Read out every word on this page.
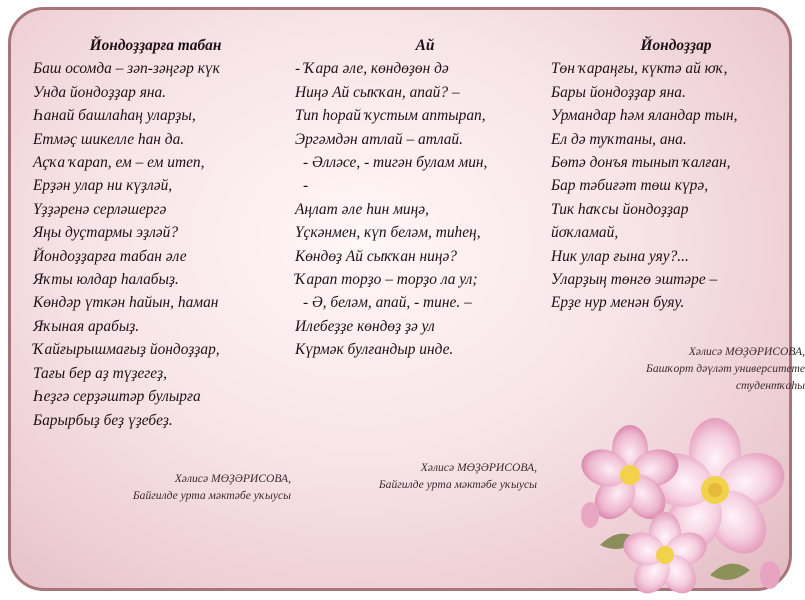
Йондоҙҙарға табан
Баш осомда – зәп-зәңгәр күк
Унда йондоҙҙар яна.
Һанай башлаһаң уларҙы,
Етмәҫ шикелле һан да.
Аҫҡа ҡарап, ем – ем итеп,
Ерҙән улар ни күҙләй,
Үҙҙәренә серләшергә
Яңы дуҫтармы эҙләй?
Йондоҙҙарға табан әле
Яҡты юлдар һалабыҙ.
Көндәр үткән һайын, һаман
Яҡыная арабыҙ.
Ҡайғырышмағыҙ йондоҙҙар,
Тағы бер аҙ түҙегеҙ,
Һеҙгә серҙәштәр булырға
Барырбыҙ беҙ үҙебеҙ.
Ай
- Ҡара әле, көндөҙөн дә
Ниңә Ай сыҡҡан, апай? –
Тип һорай ҡустым аптырап,
Эргәмдән атлай – атлай.
- Әлләсе, - тигән булам мин,
-
Аңлат әле һин миңә,
Үҫкәнмен, күп беләм, тиһең,
Көндөҙ Ай сыҡҡан ниңә?
Ҡарап торҙо – торҙо ла ул;
- Ә, беләм, апай, - тине. –
Илебеҙҙе көндөҙ ҙә ул
Күрмәк булғандыр инде.
Йондоҙҙар
Төн ҡараңғы, күктә ай юҡ,
Бары йондоҙҙар яна.
Урмандар һәм яландар тын,
Ел дә туҡтаны, ана.
Бөтә донъя тынып ҡалған,
Бар тәбиғәт төш күрә,
Тик һаҡсы йондоҙҙар
йоҡламай,
Ник улар ғына уяу?...
Уларҙың төнгө эштәре –
Ерҙе нур менән буяу.
Хәлисә МӨҘӘРИСОВА,
Байгилде урта мәктәбе уҡыусы
Хәлисә МӨҘӘРИСОВА,
Байгилде урта мәктәбе уҡыусы
Хәлисә МӨҘӘРИСОВА,
Башҡорт дәүләт университете
студентҡаһы
